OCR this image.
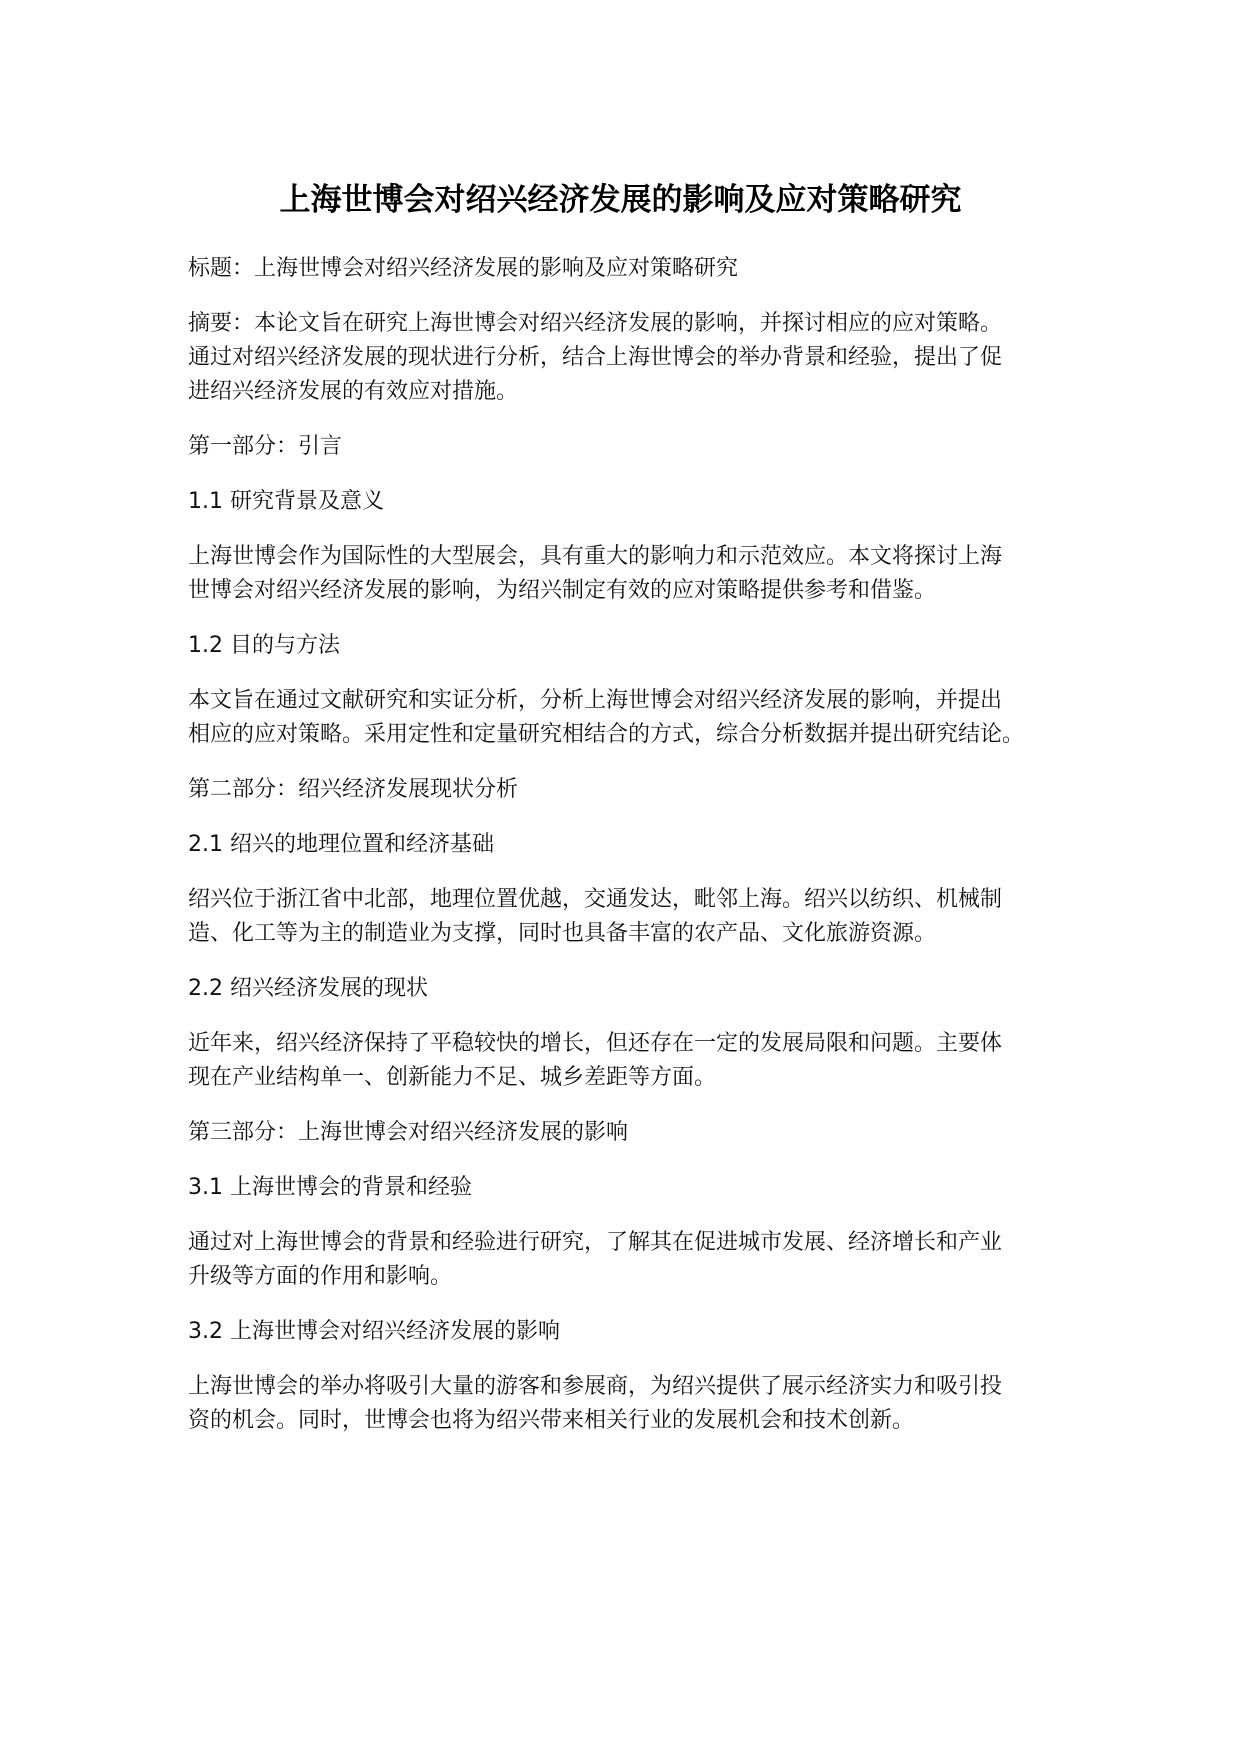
上海世博会对绍兴经济发展的影响及应对策略研究
标题：上海世博会对绍兴经济发展的影响及应对策略研究
摘要：本论文旨在研究上海世博会对绍兴经济发展的影响，并探讨相应的应对策略。
通过对绍兴经济发展的现状进行分析，结合上海世博会的举办背景和经验，提出了促
进绍兴经济发展的有效应对措施。
第一部分：引言
1.1 研究背景及意义
上海世博会作为国际性的大型展会，具有重大的影响力和示范效应。本文将探讨上海
世博会对绍兴经济发展的影响，为绍兴制定有效的应对策略提供参考和借鉴。
1.2 目的与方法
本文旨在通过文献研究和实证分析，分析上海世博会对绍兴经济发展的影响，并提出
相应的应对策略。采用定性和定量研究相结合的方式，综合分析数据并提出研究结论。
第二部分：绍兴经济发展现状分析
2.1 绍兴的地理位置和经济基础
绍兴位于浙江省中北部，地理位置优越，交通发达，毗邻上海。绍兴以纺织、机械制
造、化工等为主的制造业为支撑，同时也具备丰富的农产品、文化旅游资源。
2.2 绍兴经济发展的现状
近年来，绍兴经济保持了平稳较快的增长，但还存在一定的发展局限和问题。主要体
现在产业结构单一、创新能力不足、城乡差距等方面。
第三部分：上海世博会对绍兴经济发展的影响
3.1 上海世博会的背景和经验
通过对上海世博会的背景和经验进行研究，了解其在促进城市发展、经济增长和产业
升级等方面的作用和影响。
3.2 上海世博会对绍兴经济发展的影响
上海世博会的举办将吸引大量的游客和参展商，为绍兴提供了展示经济实力和吸引投
资的机会。同时，世博会也将为绍兴带来相关行业的发展机会和技术创新。
